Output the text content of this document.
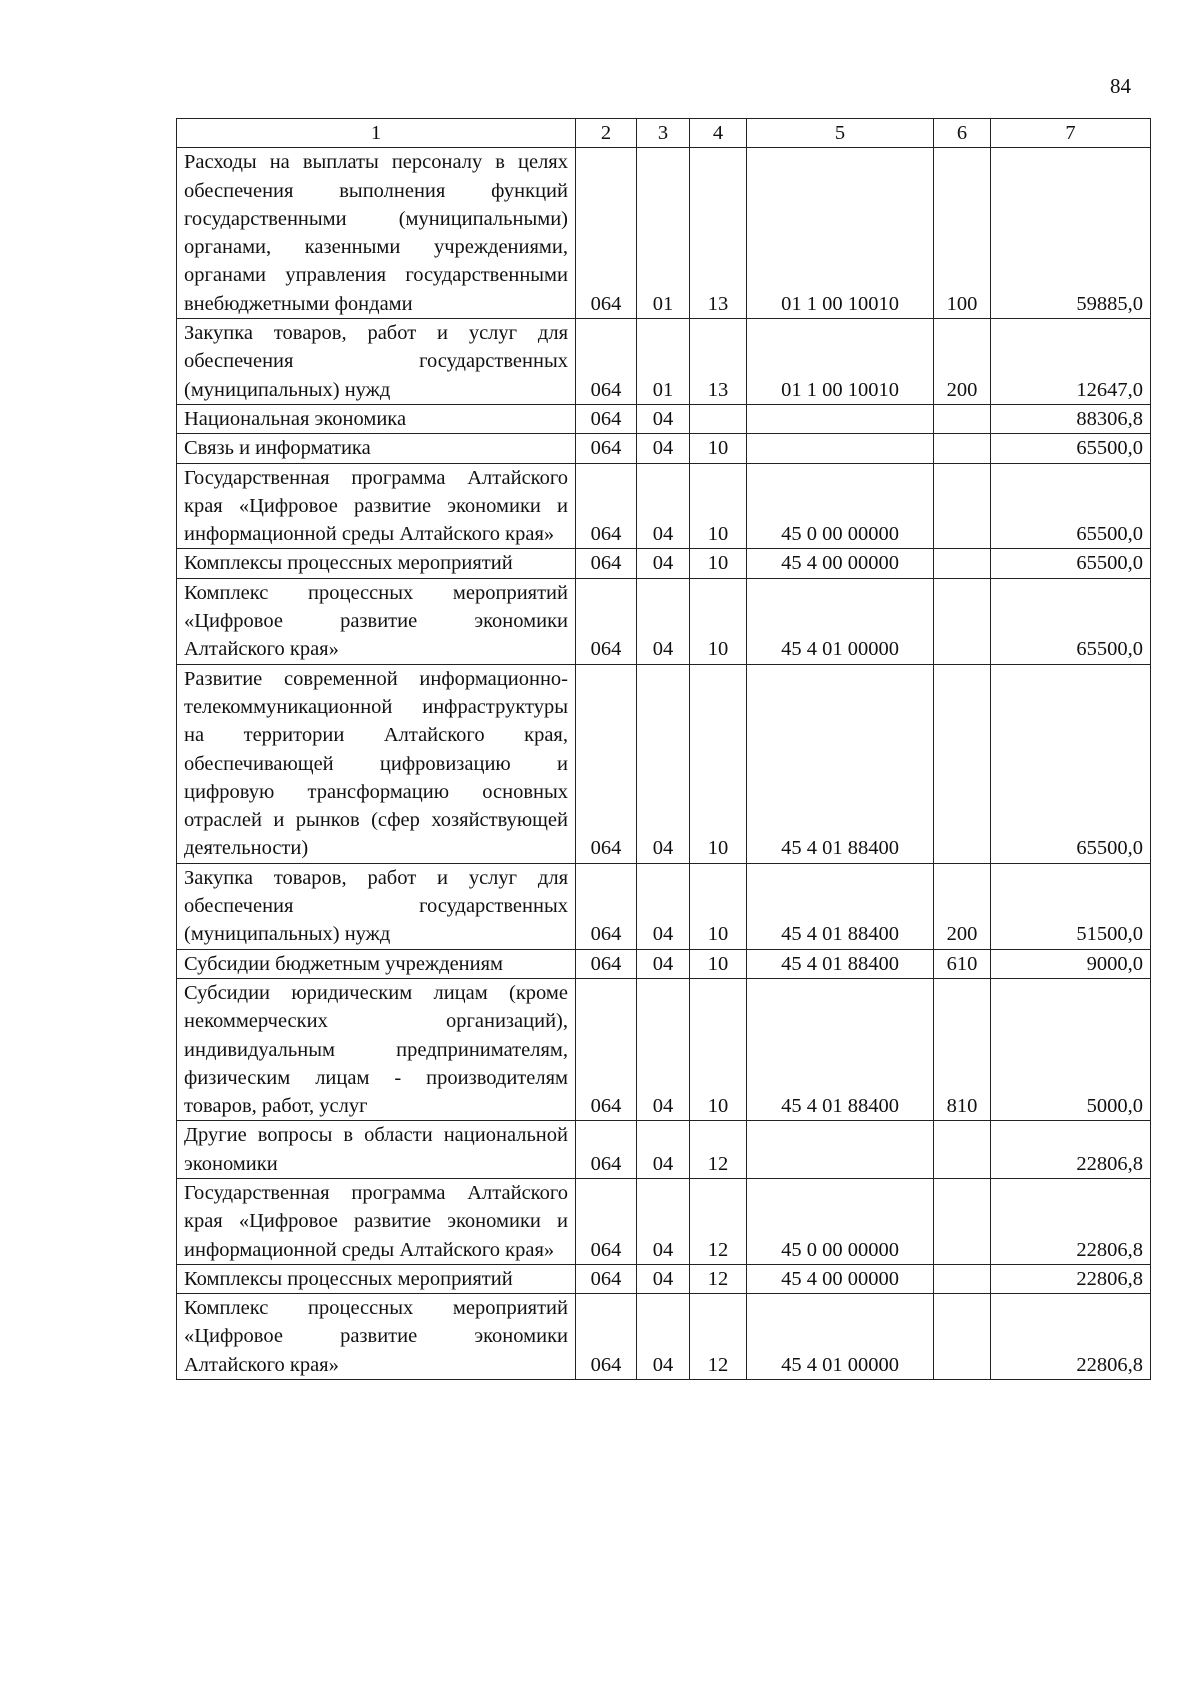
84
1	2	3	4	5	6	7
Расходы на выплаты персоналу в целях обеспечения выполнения функций государственными (муниципальными) органами, казенными учреждениями, органами управления государственными внебюджетными фондами	064	01	13	01 1 00 10010	100	59885,0
Закупка товаров, работ и услуг для обеспечения государственных (муниципальных) нужд	064	01	13	01 1 00 10010	200	12647,0
Национальная экономика	064	04				88306,8
Связь и информатика	064	04	10			65500,0
Государственная программа Алтайского края «Цифровое развитие экономики и информационной среды Алтайского края»	064	04	10	45 0 00 00000		65500,0
Комплексы процессных мероприятий	064	04	10	45 4 00 00000		65500,0
Комплекс процессных мероприятий «Цифровое развитие экономики Алтайского края»	064	04	10	45 4 01 00000		65500,0
Развитие современной информационно-телекоммуникационной инфраструктуры на территории Алтайского края, обеспечивающей цифровизацию и цифровую трансформацию основных отраслей и рынков (сфер хозяйствующей деятельности)	064	04	10	45 4 01 88400		65500,0
Закупка товаров, работ и услуг для обеспечения государственных (муниципальных) нужд	064	04	10	45 4 01 88400	200	51500,0
Субсидии бюджетным учреждениям	064	04	10	45 4 01 88400	610	9000,0
Субсидии юридическим лицам (кроме некоммерческих организаций), индивидуальным предпринимателям, физическим лицам - производителям товаров, работ, услуг	064	04	10	45 4 01 88400	810	5000,0
Другие вопросы в области национальной экономики	064	04	12			22806,8
Государственная программа Алтайского края «Цифровое развитие экономики и информационной среды Алтайского края»	064	04	12	45 0 00 00000		22806,8
Комплексы процессных мероприятий	064	04	12	45 4 00 00000		22806,8
Комплекс процессных мероприятий «Цифровое развитие экономики Алтайского края»	064	04	12	45 4 01 00000		22806,8
